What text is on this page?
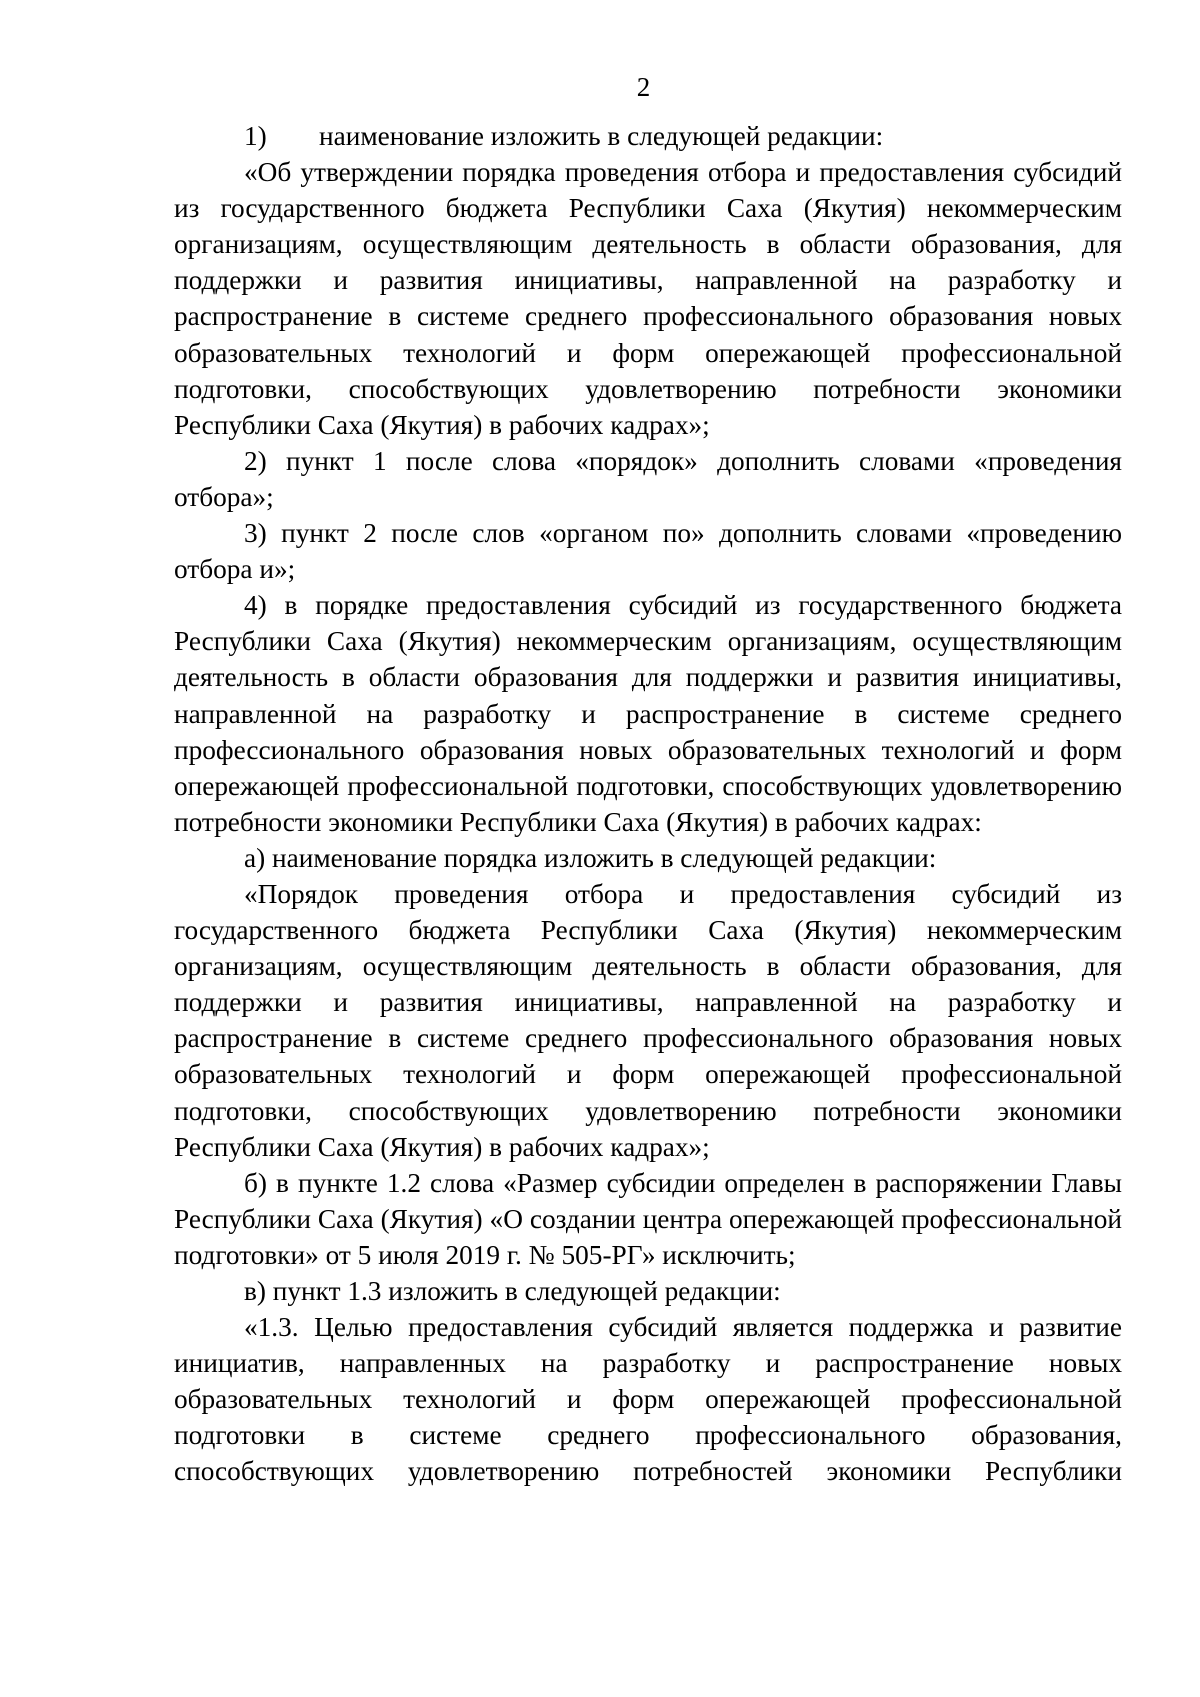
2

1) наименование изложить в следующей редакции:

«Об утверждении порядка проведения отбора и предоставления субсидий из государственного бюджета Республики Саха (Якутия) некоммерческим организациям, осуществляющим деятельность в области образования, для поддержки и развития инициативы, направленной на разработку и распространение в системе среднего профессионального образования новых образовательных технологий и форм опережающей профессиональной подготовки, способствующих удовлетворению потребности экономики Республики Саха (Якутия) в рабочих кадрах»;

2) пункт 1 после слова «порядок» дополнить словами «проведения отбора»;

3) пункт 2 после слов «органом по» дополнить словами «проведению отбора и»;

4) в порядке предоставления субсидий из государственного бюджета Республики Саха (Якутия) некоммерческим организациям, осуществляющим деятельность в области образования для поддержки и развития инициативы, направленной на разработку и распространение в системе среднего профессионального образования новых образовательных технологий и форм опережающей профессиональной подготовки, способствующих удовлетворению потребности экономики Республики Саха (Якутия) в рабочих кадрах:

а) наименование порядка изложить в следующей редакции:

«Порядок проведения отбора и предоставления субсидий из государственного бюджета Республики Саха (Якутия) некоммерческим организациям, осуществляющим деятельность в области образования, для поддержки и развития инициативы, направленной на разработку и распространение в системе среднего профессионального образования новых образовательных технологий и форм опережающей профессиональной подготовки, способствующих удовлетворению потребности экономики Республики Саха (Якутия) в рабочих кадрах»;

б) в пункте 1.2 слова «Размер субсидии определен в распоряжении Главы Республики Саха (Якутия) «О создании центра опережающей профессиональной подготовки» от 5 июля 2019 г. № 505-РГ» исключить;

в) пункт 1.3 изложить в следующей редакции:

«1.3. Целью предоставления субсидий является поддержка и развитие инициатив, направленных на разработку и распространение новых образовательных технологий и форм опережающей профессиональной подготовки в системе среднего профессионального образования, способствующих удовлетворению потребностей экономики Республики
